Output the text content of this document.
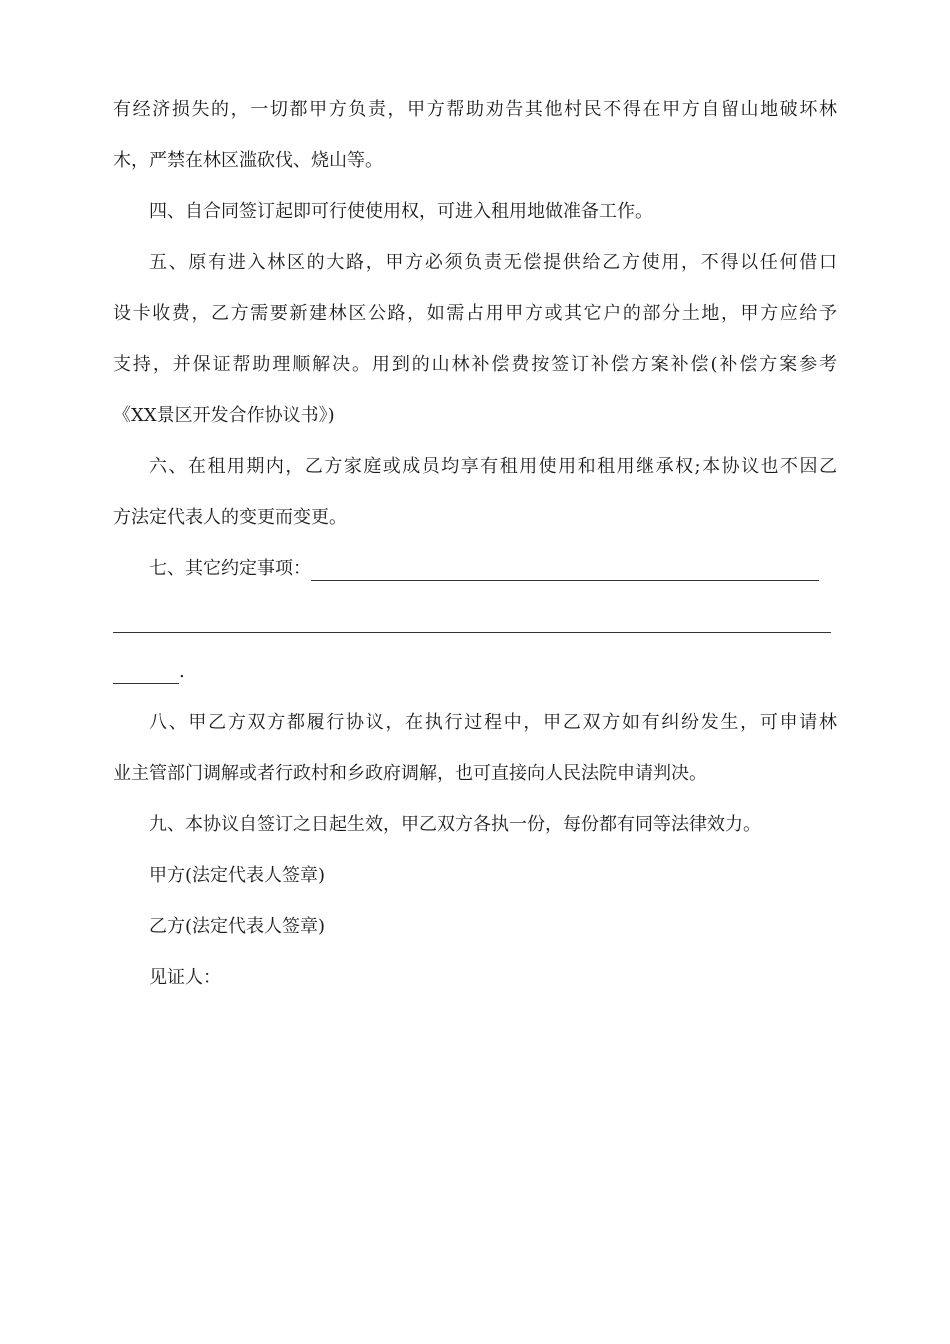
有经济损失的，一切都甲方负责，甲方帮助劝告其他村民不得在甲方自留山地破坏林
木，严禁在林区滥砍伐、烧山等。
四、自合同签订起即可行使使用权，可进入租用地做准备工作。
五、原有进入林区的大路，甲方必须负责无偿提供给乙方使用，不得以任何借口
设卡收费，乙方需要新建林区公路，如需占用甲方或其它户的部分土地，甲方应给予
支持，并保证帮助理顺解决。用到的山林补偿费按签订补偿方案补偿(补偿方案参考
《XX景区开发合作协议书》)
六、在租用期内，乙方家庭或成员均享有租用使用和租用继承权;本协议也不因乙
方法定代表人的变更而变更。
七、其它约定事项：
.
八、甲乙方双方都履行协议，在执行过程中，甲乙双方如有纠纷发生，可申请林
业主管部门调解或者行政村和乡政府调解，也可直接向人民法院申请判决。
九、本协议自签订之日起生效，甲乙双方各执一份，每份都有同等法律效力。
甲方(法定代表人签章)
乙方(法定代表人签章)
见证人：
